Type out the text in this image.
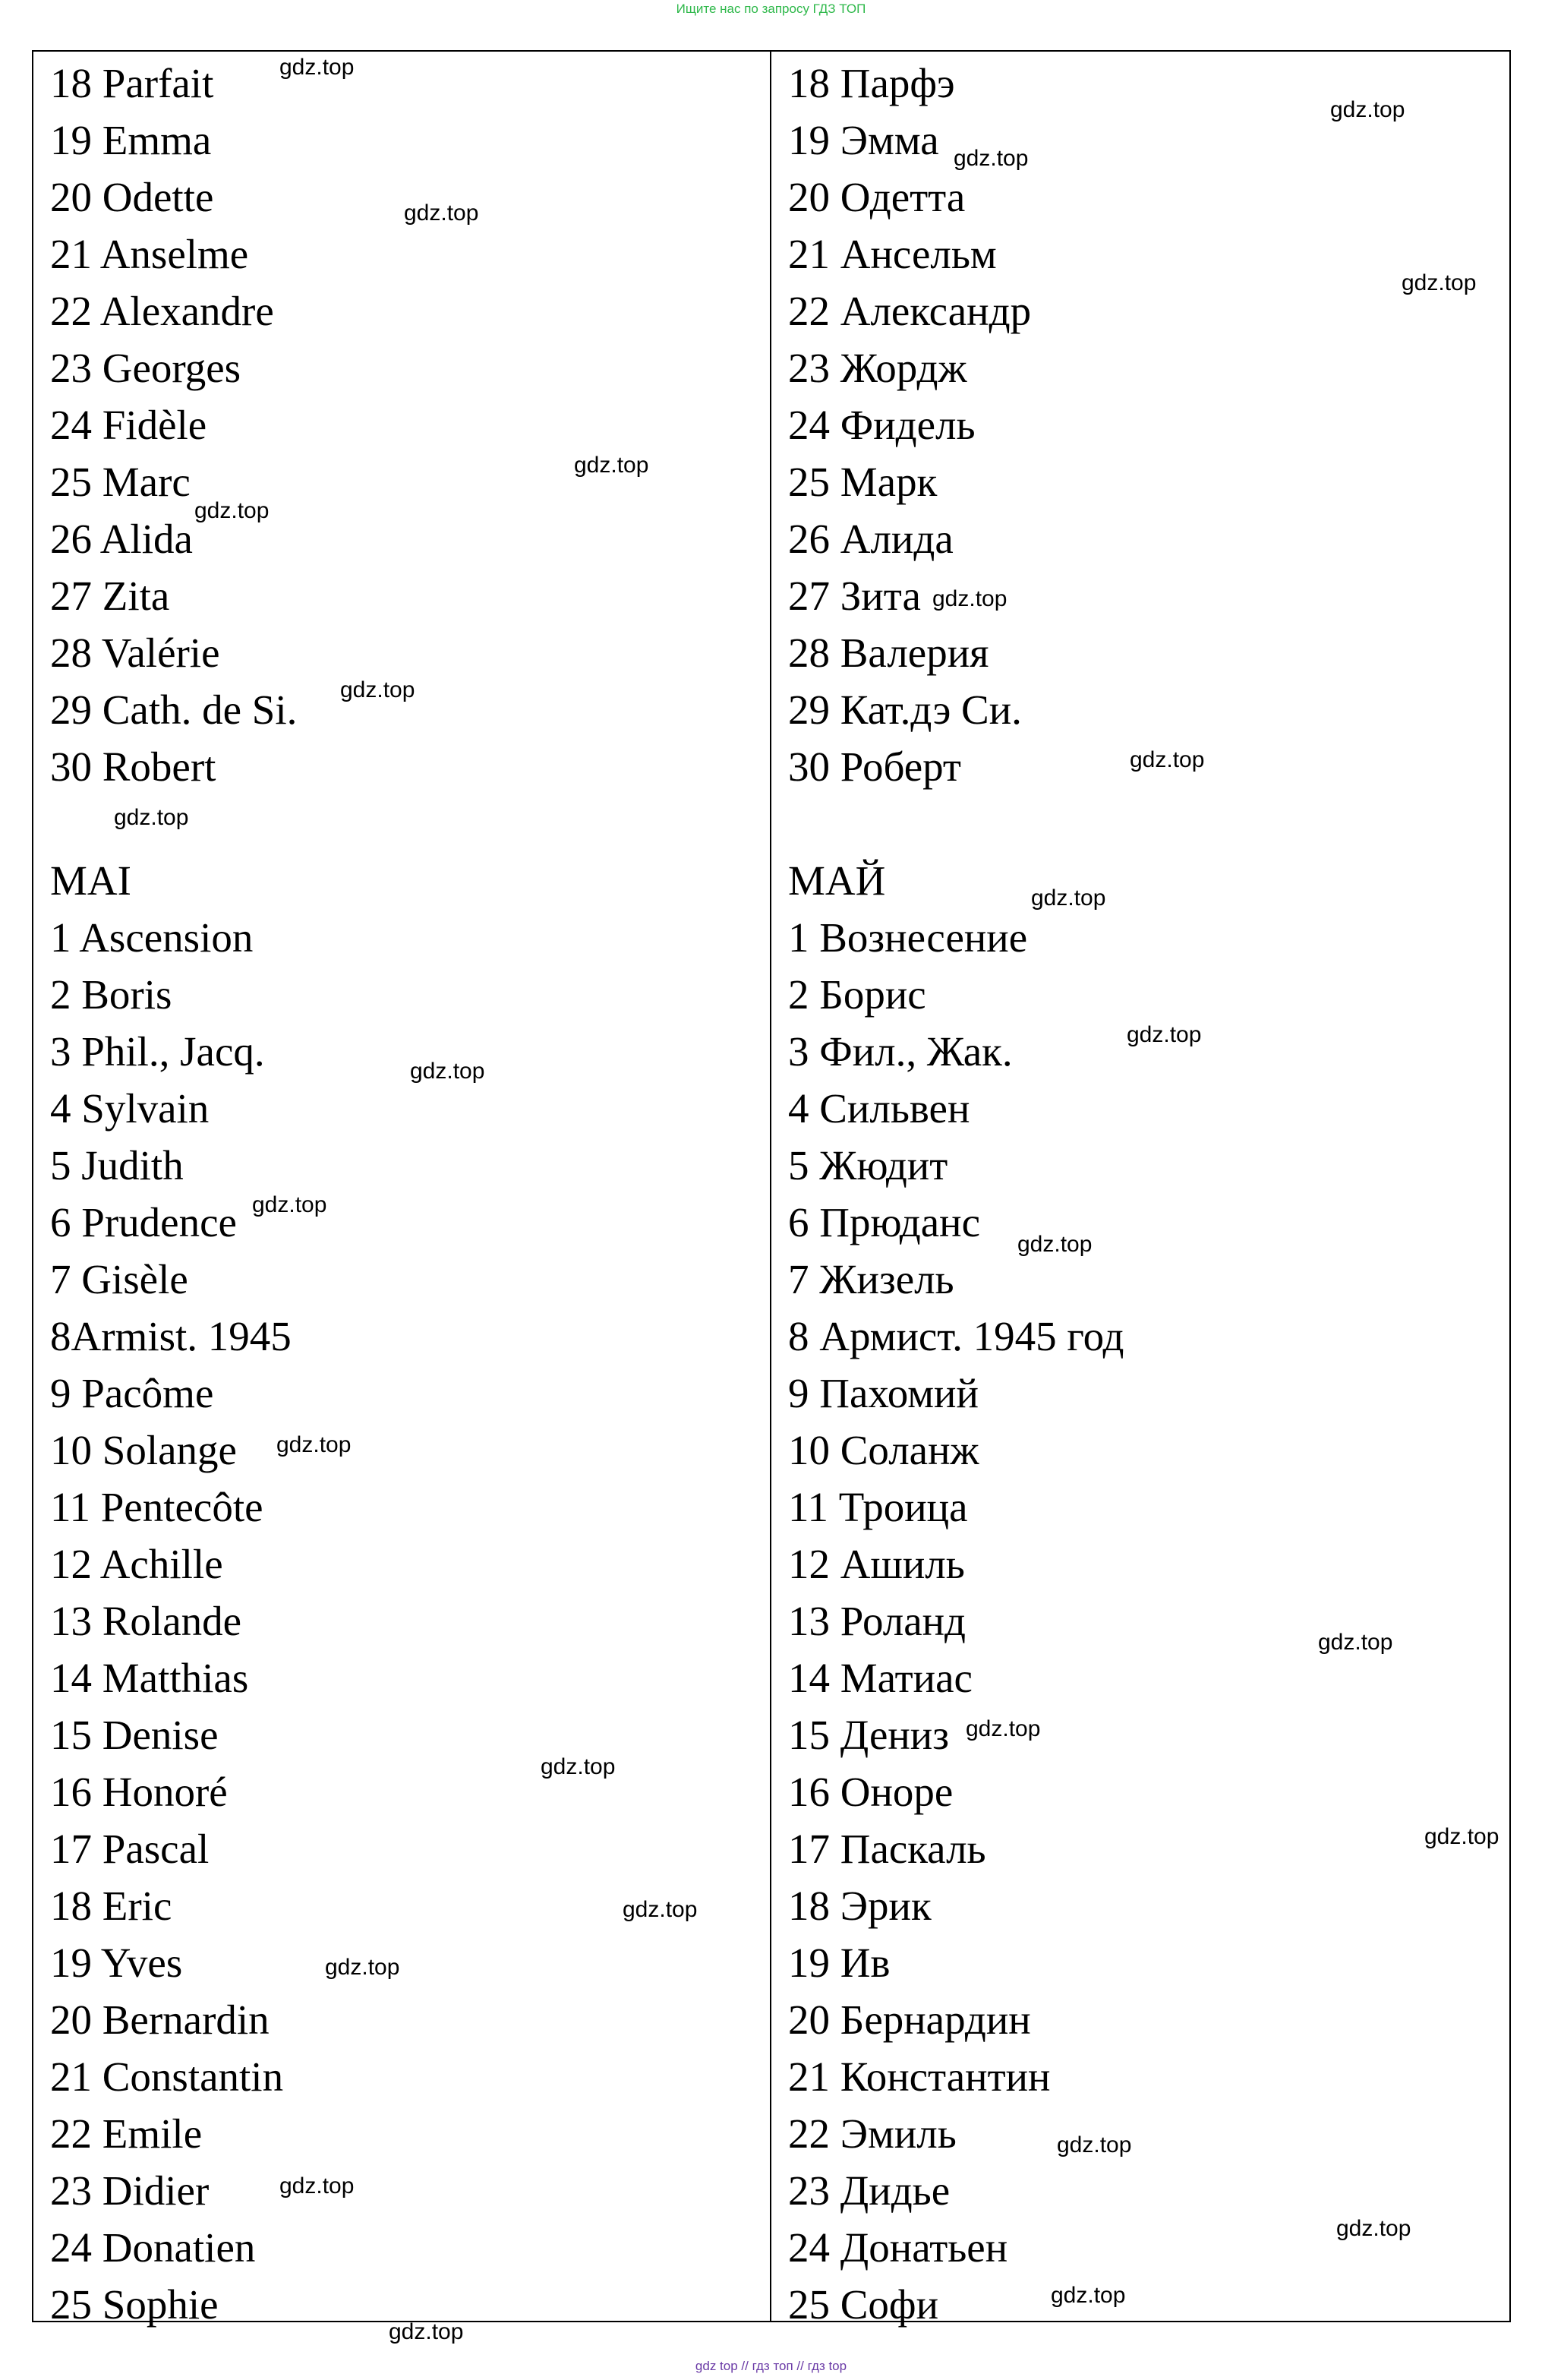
Ищите нас по запросу ГДЗ ТОП
18 Parfait
19 Emma
20 Odette
21 Anselme
22 Alexandre
23 Georges
24 Fidèle
25 Marc
26 Alida
27 Zita
28 Valérie
29 Cath. de Si.
30 Robert
MAI
1 Ascension
2 Boris
3 Phil., Jacq.
4 Sylvain
5 Judith
6 Prudence
7 Gisèle
8Armist. 1945
9 Pacôme
10 Solange
11 Pentecôte
12 Achille
13 Rolande
14 Matthias
15 Denise
16 Honoré
17 Pascal
18 Eric
19 Yves
20 Bernardin
21 Constantin
22 Emile
23 Didier
24 Donatien
25 Sophie
18 Парфэ
19 Эмма
20 Одетта
21 Ансельм
22 Александр
23 Жордж
24 Фидель
25 Марк
26 Алида
27 Зита
28 Валерия
29 Кат.дэ Си.
30 Роберт
МАЙ
1 Вознесение
2 Борис
3 Фил., Жак.
4 Сильвен
5 Жюдит
6 Прюданс
7 Жизель
8 Армист. 1945 год
9 Пахомий
10 Соланж
11 Троица
12 Ашиль
13 Роланд
14 Матиас
15 Дениз
16 Оноре
17 Паскаль
18 Эрик
19 Ив
20 Бернардин
21 Константин
22 Эмиль
23 Дидье
24 Донатьен
25 Софи
gdz.top
gdz.top
gdz.top
gdz.top
gdz.top
gdz.top
gdz.top
gdz.top
gdz.top
gdz.top
gdz.top
gdz.top
gdz.top
gdz.top
gdz.top
gdz.top
gdz.top
gdz.top
gdz.top
gdz.top
gdz.top
gdz.top
gdz.top
gdz.top
gdz.top
gdz.top
gdz.top
gdz.top
gdz top // гдз топ // гдз top
